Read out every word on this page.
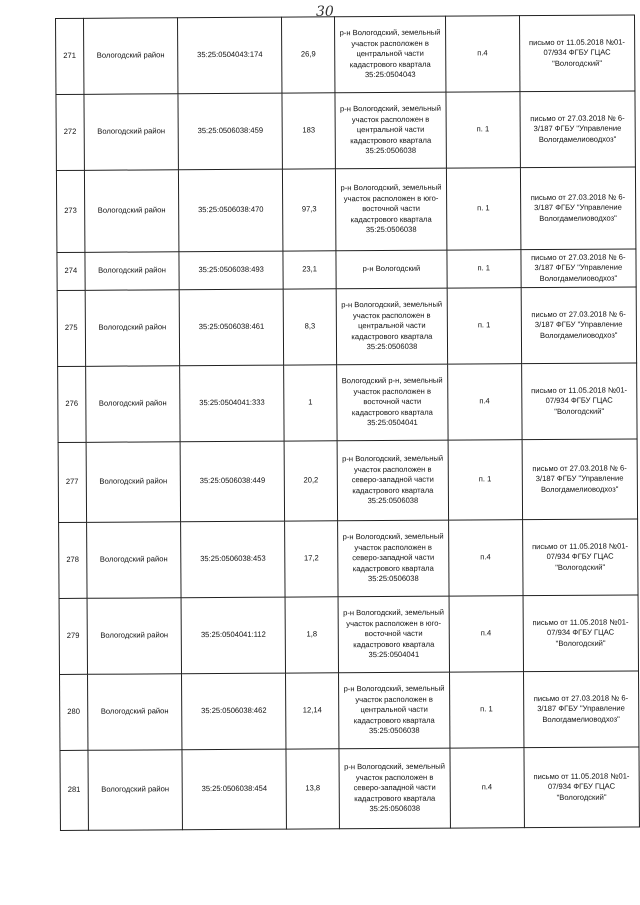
30
271	Вологодский район	35:25:0504043:174	26,9	р-н Вологодский, земельный участок расположен в центральной части кадастрового квартала 35:25:0504043	п.4	письмо от 11.05.2018 №01-07/934 ФГБУ ГЦАС "Вологодский"
272	Вологодский район	35:25:0506038:459	183	р-н Вологодский, земельный участок расположен в центральной части кадастрового квартала 35:25:0506038	п. 1	письмо от 27.03.2018 № 6-3/187 ФГБУ "Управление Вологдамелиоводхоз"
273	Вологодский район	35:25:0506038:470	97,3	р-н Вологодский, земельный участок расположен в юго-восточной части кадастрового квартала 35:25:0506038	п. 1	письмо от 27.03.2018 № 6-3/187 ФГБУ "Управление Вологдамелиоводхоз"
274	Вологодский район	35:25:0506038:493	23,1	р-н Вологодский	п. 1	письмо от 27.03.2018 № 6-3/187 ФГБУ "Управление Вологдамелиоводхоз"
275	Вологодский район	35:25:0506038:461	8,3	р-н Вологодский, земельный участок расположен в центральной части кадастрового квартала 35:25:0506038	п. 1	письмо от 27.03.2018 № 6-3/187 ФГБУ "Управление Вологдамелиоводхоз"
276	Вологодский район	35:25:0504041:333	1	Вологодский р-н, земельный участок расположен в восточной части кадастрового квартала 35:25:0504041	п.4	письмо от 11.05.2018 №01-07/934 ФГБУ ГЦАС "Вологодский"
277	Вологодский район	35:25:0506038:449	20,2	р-н Вологодский, земельный участок расположен в северо-западной части кадастрового квартала 35:25:0506038	п. 1	письмо от 27.03.2018 № 6-3/187 ФГБУ "Управление Вологдамелиоводхоз"
278	Вологодский район	35:25:0506038:453	17,2	р-н Вологодский, земельный участок расположен в северо-западной части кадастрового квартала 35:25:0506038	п.4	письмо от 11.05.2018 №01-07/934 ФГБУ ГЦАС "Вологодский"
279	Вологодский район	35:25:0504041:112	1,8	р-н Вологодский, земельный участок расположен в юго-восточной части кадастрового квартала 35:25:0504041	п.4	письмо от 11.05.2018 №01-07/934 ФГБУ ГЦАС "Вологодский"
280	Вологодский район	35:25:0506038:462	12,14	р-н Вологодский, земельный участок расположен в центральной части кадастрового квартала 35:25:0506038	п. 1	письмо от 27.03.2018 № 6-3/187 ФГБУ "Управление Вологдамелиоводхоз"
281	Вологодский район	35:25:0506038:454	13,8	р-н Вологодский, земельный участок расположен в северо-западной части кадастрового квартала 35:25:0506038	п.4	письмо от 11.05.2018 №01-07/934 ФГБУ ГЦАС "Вологодский"
